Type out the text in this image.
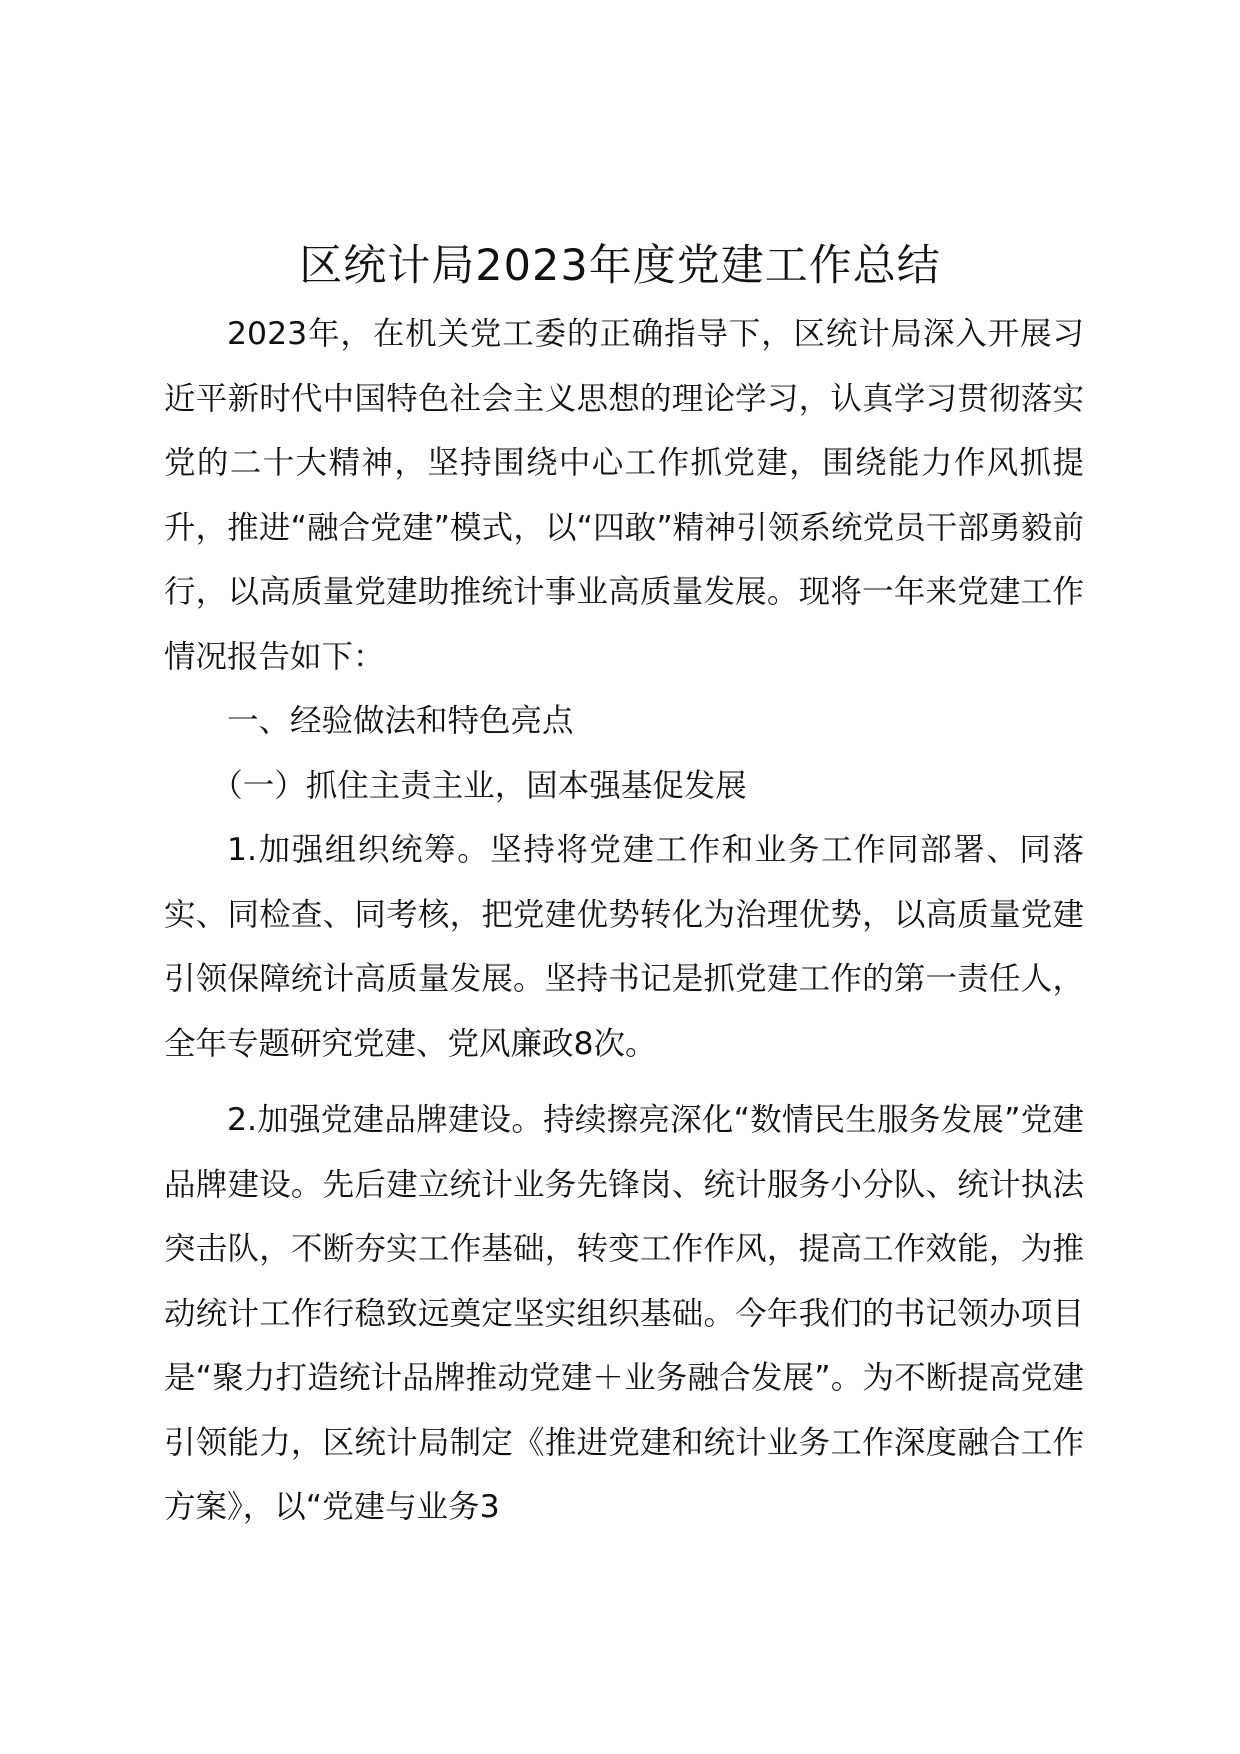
区统计局2023年度党建工作总结

2023年，在机关党工委的正确指导下，区统计局深入开展习近平新时代中国特色社会主义思想的理论学习，认真学习贯彻落实党的二十大精神，坚持围绕中心工作抓党建，围绕能力作风抓提升，推进“融合党建”模式，以“四敢”精神引领系统党员干部勇毅前行，以高质量党建助推统计事业高质量发展。现将一年来党建工作情况报告如下：

一、经验做法和特色亮点

（一）抓住主责主业，固本强基促发展

1.加强组织统筹。坚持将党建工作和业务工作同部署、同落实、同检查、同考核，把党建优势转化为治理优势，以高质量党建引领保障统计高质量发展。坚持书记是抓党建工作的第一责任人，全年专题研究党建、党风廉政8次。

2.加强党建品牌建设。持续擦亮深化“数情民生服务发展”党建品牌建设。先后建立统计业务先锋岗、统计服务小分队、统计执法突击队，不断夯实工作基础，转变工作作风，提高工作效能，为推动统计工作行稳致远奠定坚实组织基础。今年我们的书记领办项目是“聚力打造统计品牌推动党建＋业务融合发展”。为不断提高党建引领能力，区统计局制定《推进党建和统计业务工作深度融合工作方案》，以“党建与业务3
